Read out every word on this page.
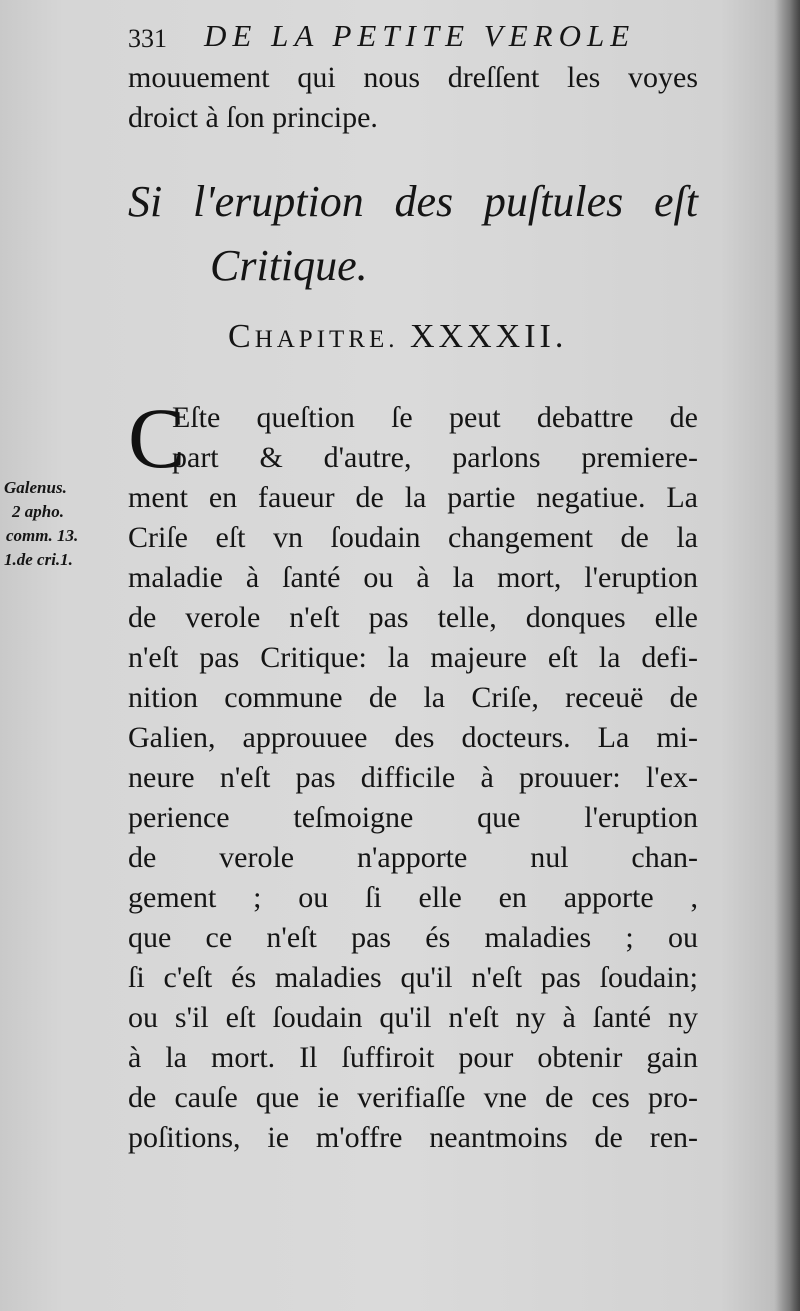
331 DE LA PETITE VEROLE
mouuement qui nous dreſſent les voyes
droict à ſon principe.
Si l'eruption des puſtules eſt
Critique.
CHAPITRE. XXXXII.
Galenus.
2 apho.
comm. 13.
1.de cri.1.
C
Eſte queſtion ſe peut debattre de
part & d'autre, parlons premiere-
ment en faueur de la partie negatiue. La
Criſe eſt vn ſoudain changement de la
maladie à ſanté ou à la mort, l'eruption
de verole n'eſt pas telle, donques elle
n'eſt pas Critique: la majeure eſt la defi-
nition commune de la Criſe, receuë de
Galien, approuuee des docteurs. La mi-
neure n'eſt pas difficile à prouuer: l'ex-
perience teſmoigne que l'eruption
de verole n'apporte nul chan-
gement ; ou ſi elle en apporte ,
que ce n'eſt pas és maladies ; ou
ſi c'eſt és maladies qu'il n'eſt pas ſoudain;
ou s'il eſt ſoudain qu'il n'eſt ny à ſanté ny
à la mort. Il ſuffiroit pour obtenir gain
de cauſe que ie verifiaſſe vne de ces pro-
poſitions, ie m'offre neantmoins de ren-
